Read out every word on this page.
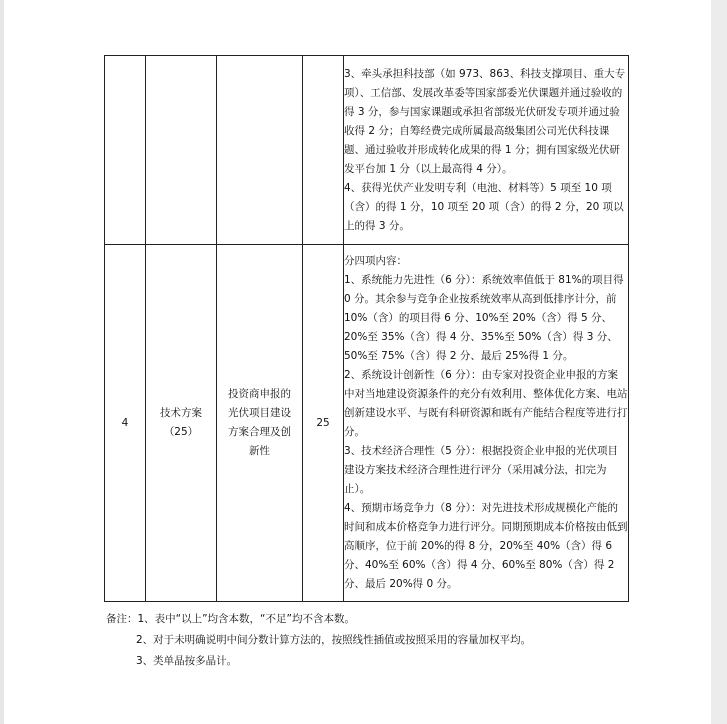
				3、牵头承担科技部（如 973、863、科技支撑项目、重大专项）、工信部、发展改革委等国家部委光伏课题并通过验收的得 3 分，参与国家课题或承担省部级光伏研发专项并通过验收得 2 分；自筹经费完成所属最高级集团公司光伏科技课题、通过验收并形成转化成果的得 1 分；拥有国家级光伏研发平台加 1 分（以上最高得 4 分）。

4、获得光伏产业发明专利（电池、材料等）5 项至 10 项（含）的得 1 分，10 项至 20 项（含）的得 2 分，20 项以上的得 3 分。

4	技术方案（25）	投资商申报的光伏项目建设方案合理及创新性	25	分四项内容：

1、系统能力先进性（6 分）：系统效率值低于 81%的项目得 0 分。其余参与竞争企业按系统效率从高到低排序计分，前 10%（含）的项目得 6 分、10%至 20%（含）得 5 分、20%至 35%（含）得 4 分、35%至 50%（含）得 3 分、50%至 75%（含）得 2 分、最后 25%得 1 分。

2、系统设计创新性（6 分）：由专家对投资企业申报的方案中对当地建设资源条件的充分有效利用、整体优化方案、电站创新建设水平、与既有科研资源和既有产能结合程度等进行打分。

3、技术经济合理性（5 分）：根据投资企业申报的光伏项目建设方案技术经济合理性进行评分（采用减分法，扣完为止）。

4、预期市场竞争力（8 分）：对先进技术形成规模化产能的时间和成本价格竞争力进行评分。同期预期成本价格按由低到高顺序，位于前 20%的得 8 分，20%至 40%（含）得 6 分、40%至 60%（含）得 4 分、60%至 80%（含）得 2 分、最后 20%得 0 分。

备注：1、表中“以上”均含本数，“不足”均不含本数。

2、对于未明确说明中间分数计算方法的，按照线性插值或按照采用的容量加权平均。

3、类单晶按多晶计。
